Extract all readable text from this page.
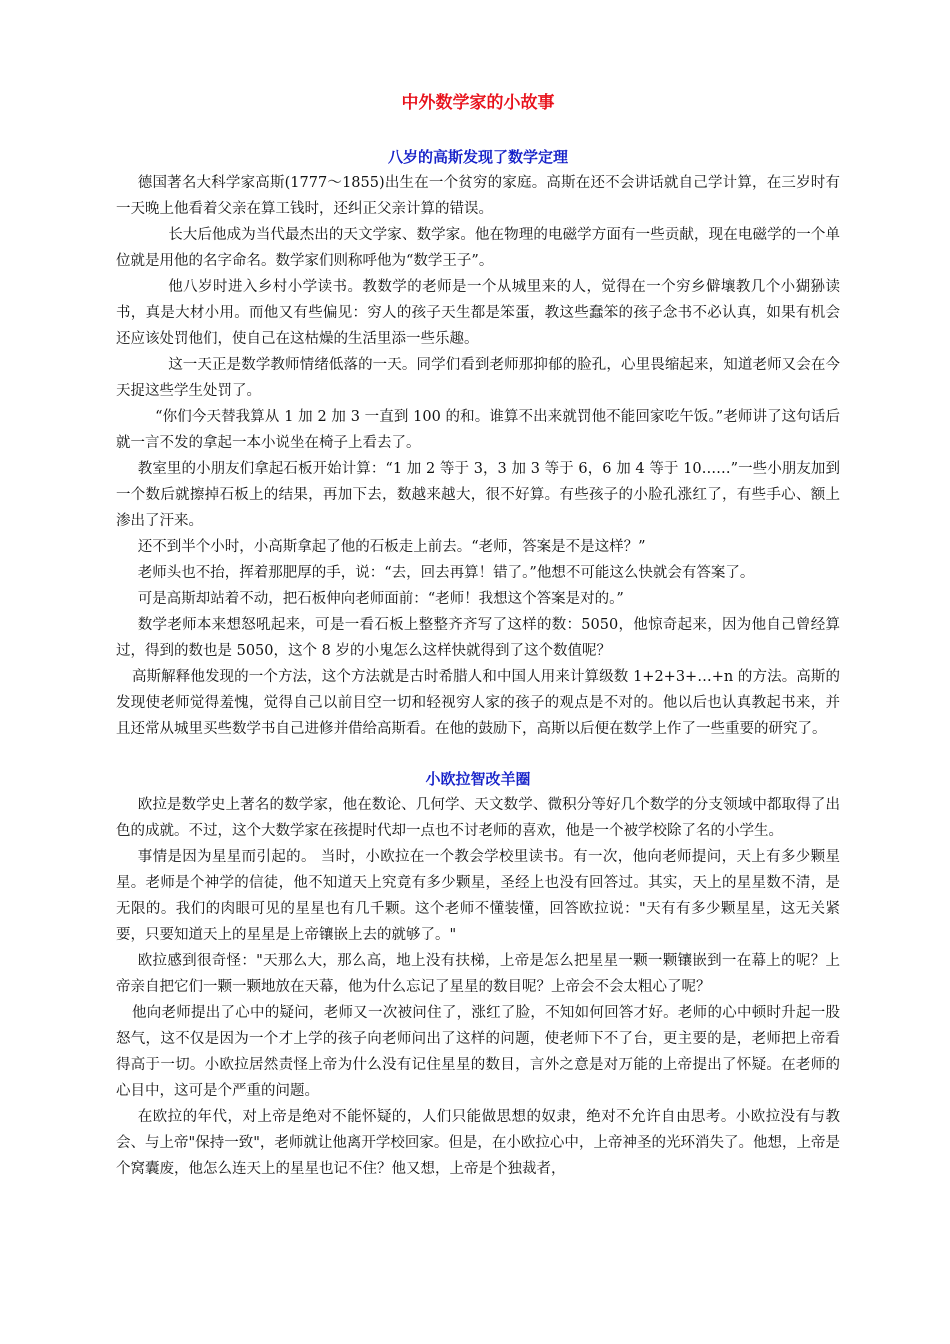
中外数学家的小故事
八岁的高斯发现了数学定理

德国著名大科学家高斯(1777～1855)出生在一个贫穷的家庭。高斯在还不会讲话就自己学计算，在三岁时有一天晚上他看着父亲在算工钱时，还纠正父亲计算的错误。

长大后他成为当代最杰出的天文学家、数学家。他在物理的电磁学方面有一些贡献，现在电磁学的一个单位就是用他的名字命名。数学家们则称呼他为“数学王子”。

他八岁时进入乡村小学读书。教数学的老师是一个从城里来的人，觉得在一个穷乡僻壤教几个小猢狲读书，真是大材小用。而他又有些偏见：穷人的孩子天生都是笨蛋，教这些蠢笨的孩子念书不必认真，如果有机会还应该处罚他们，使自己在这枯燥的生活里添一些乐趣。

这一天正是数学教师情绪低落的一天。同学们看到老师那抑郁的脸孔，心里畏缩起来，知道老师又会在今天捉这些学生处罚了。

“你们今天替我算从 1 加 2 加 3 一直到 100 的和。谁算不出来就罚他不能回家吃午饭。”老师讲了这句话后就一言不发的拿起一本小说坐在椅子上看去了。

教室里的小朋友们拿起石板开始计算：“1 加 2 等于 3，3 加 3 等于 6，6 加 4 等于 10……”一些小朋友加到一个数后就擦掉石板上的结果，再加下去，数越来越大，很不好算。有些孩子的小脸孔涨红了，有些手心、额上渗出了汗来。

还不到半个小时，小高斯拿起了他的石板走上前去。“老师，答案是不是这样？”

老师头也不抬，挥着那肥厚的手，说：“去，回去再算！错了。”他想不可能这么快就会有答案了。

可是高斯却站着不动，把石板伸向老师面前：“老师！我想这个答案是对的。”

数学老师本来想怒吼起来，可是一看石板上整整齐齐写了这样的数：5050，他惊奇起来，因为他自己曾经算过，得到的数也是 5050，这个 8 岁的小鬼怎么这样快就得到了这个数值呢？

高斯解释他发现的一个方法，这个方法就是古时希腊人和中国人用来计算级数 1+2+3+…+n 的方法。高斯的发现使老师觉得羞愧，觉得自己以前目空一切和轻视穷人家的孩子的观点是不对的。他以后也认真教起书来，并且还常从城里买些数学书自己进修并借给高斯看。在他的鼓励下，高斯以后便在数学上作了一些重要的研究了。

小欧拉智改羊圈

欧拉是数学史上著名的数学家，他在数论、几何学、天文数学、微积分等好几个数学的分支领域中都取得了出色的成就。不过，这个大数学家在孩提时代却一点也不讨老师的喜欢，他是一个被学校除了名的小学生。

事情是因为星星而引起的。 当时，小欧拉在一个教会学校里读书。有一次，他向老师提问，天上有多少颗星星。老师是个神学的信徒，他不知道天上究竟有多少颗星，圣经上也没有回答过。其实，天上的星星数不清，是无限的。我们的肉眼可见的星星也有几千颗。这个老师不懂装懂，回答欧拉说："天有有多少颗星星，这无关紧要，只要知道天上的星星是上帝镶嵌上去的就够了。"

欧拉感到很奇怪："天那么大，那么高，地上没有扶梯，上帝是怎么把星星一颗一颗镶嵌到一在幕上的呢？上帝亲自把它们一颗一颗地放在天幕，他为什么忘记了星星的数目呢？上帝会不会太粗心了呢？

他向老师提出了心中的疑问，老师又一次被问住了，涨红了脸，不知如何回答才好。老师的心中顿时升起一股怒气，这不仅是因为一个才上学的孩子向老师问出了这样的问题，使老师下不了台，更主要的是，老师把上帝看得高于一切。小欧拉居然责怪上帝为什么没有记住星星的数目，言外之意是对万能的上帝提出了怀疑。在老师的心目中，这可是个严重的问题。

在欧拉的年代，对上帝是绝对不能怀疑的，人们只能做思想的奴隶，绝对不允许自由思考。小欧拉没有与教会、与上帝"保持一致"，老师就让他离开学校回家。但是，在小欧拉心中，上帝神圣的光环消失了。他想，上帝是个窝囊废，他怎么连天上的星星也记不住？他又想，上帝是个独裁者，
